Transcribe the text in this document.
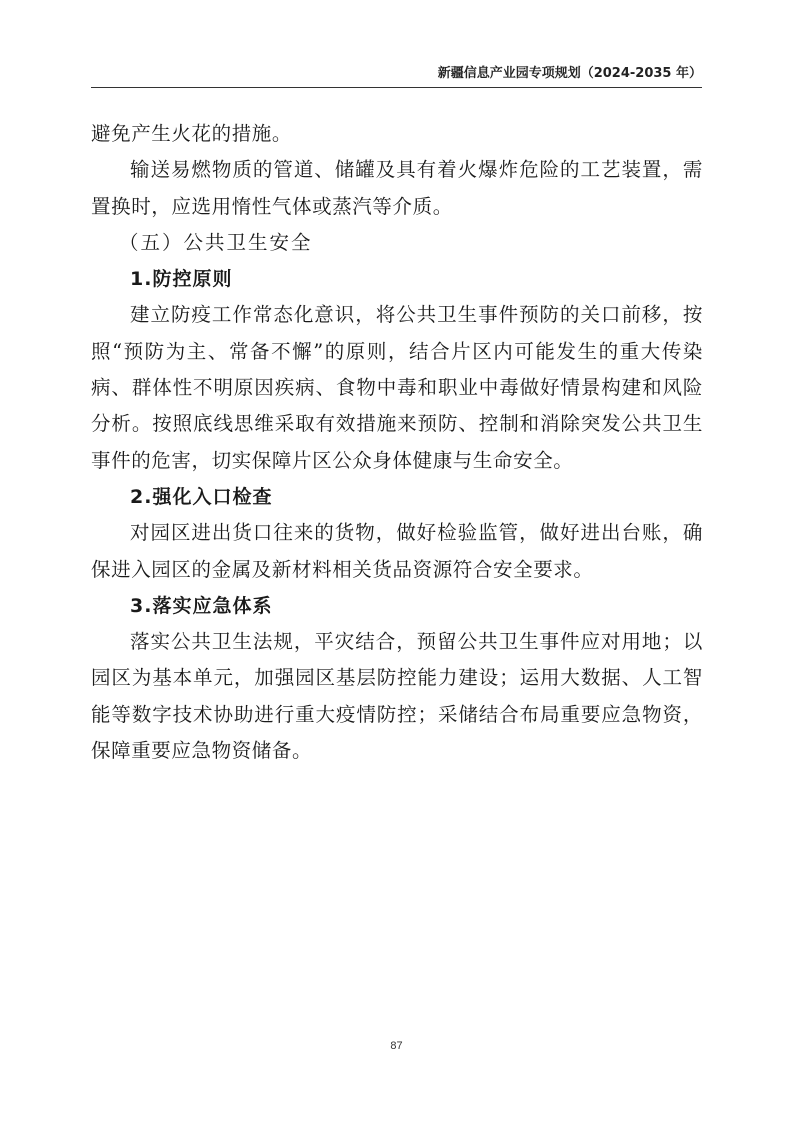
新疆信息产业园专项规划（2024-2035 年）

避免产生火花的措施。

输送易燃物质的管道、储罐及具有着火爆炸危险的工艺装置，需置换时，应选用惰性气体或蒸汽等介质。

（五）公共卫生安全

1.防控原则

建立防疫工作常态化意识，将公共卫生事件预防的关口前移，按照“预防为主、常备不懈”的原则，结合片区内可能发生的重大传染病、群体性不明原因疾病、食物中毒和职业中毒做好情景构建和风险分析。按照底线思维采取有效措施来预防、控制和消除突发公共卫生事件的危害，切实保障片区公众身体健康与生命安全。

2.强化入口检查

对园区进出货口往来的货物，做好检验监管，做好进出台账，确保进入园区的金属及新材料相关货品资源符合安全要求。

3.落实应急体系

落实公共卫生法规，平灾结合，预留公共卫生事件应对用地；以园区为基本单元，加强园区基层防控能力建设；运用大数据、人工智能等数字技术协助进行重大疫情防控；采储结合布局重要应急物资，保障重要应急物资储备。

87
